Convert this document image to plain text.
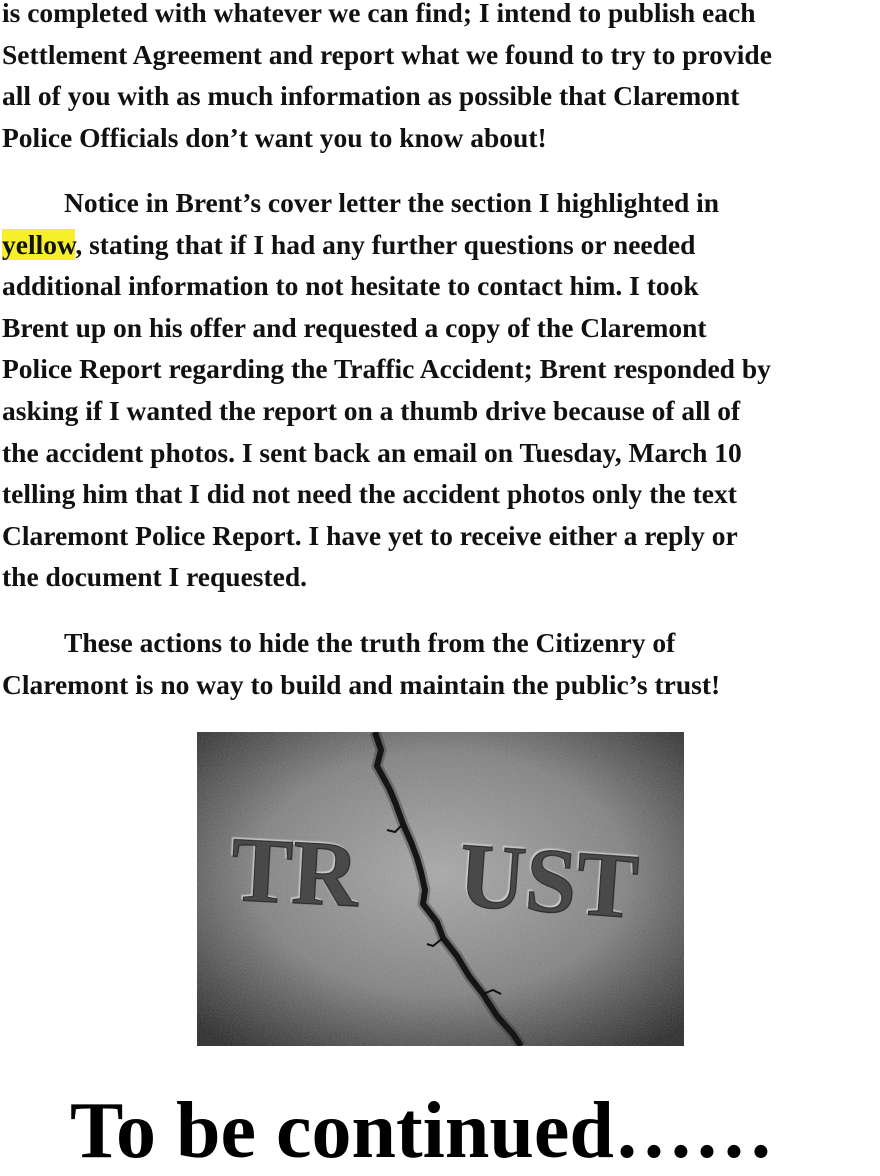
is completed with whatever we can find; I intend to publish each
Settlement Agreement and report what we found to try to provide
all of you with as much information as possible that Claremont
Police Officials don’t want you to know about!
Notice in Brent’s cover letter the section I highlighted in
yellow, stating that if I had any further questions or needed
additional information to not hesitate to contact him. I took
Brent up on his offer and requested a copy of the Claremont
Police Report regarding the Traffic Accident; Brent responded by
asking if I wanted the report on a thumb drive because of all of
the accident photos. I sent back an email on Tuesday, March 10
telling him that I did not need the accident photos only the text
Claremont Police Report. I have yet to receive either a reply or
the document I requested.
These actions to hide the truth from the Citizenry of
Claremont is no way to build and maintain the public’s trust!
TR UST
To be continued……
